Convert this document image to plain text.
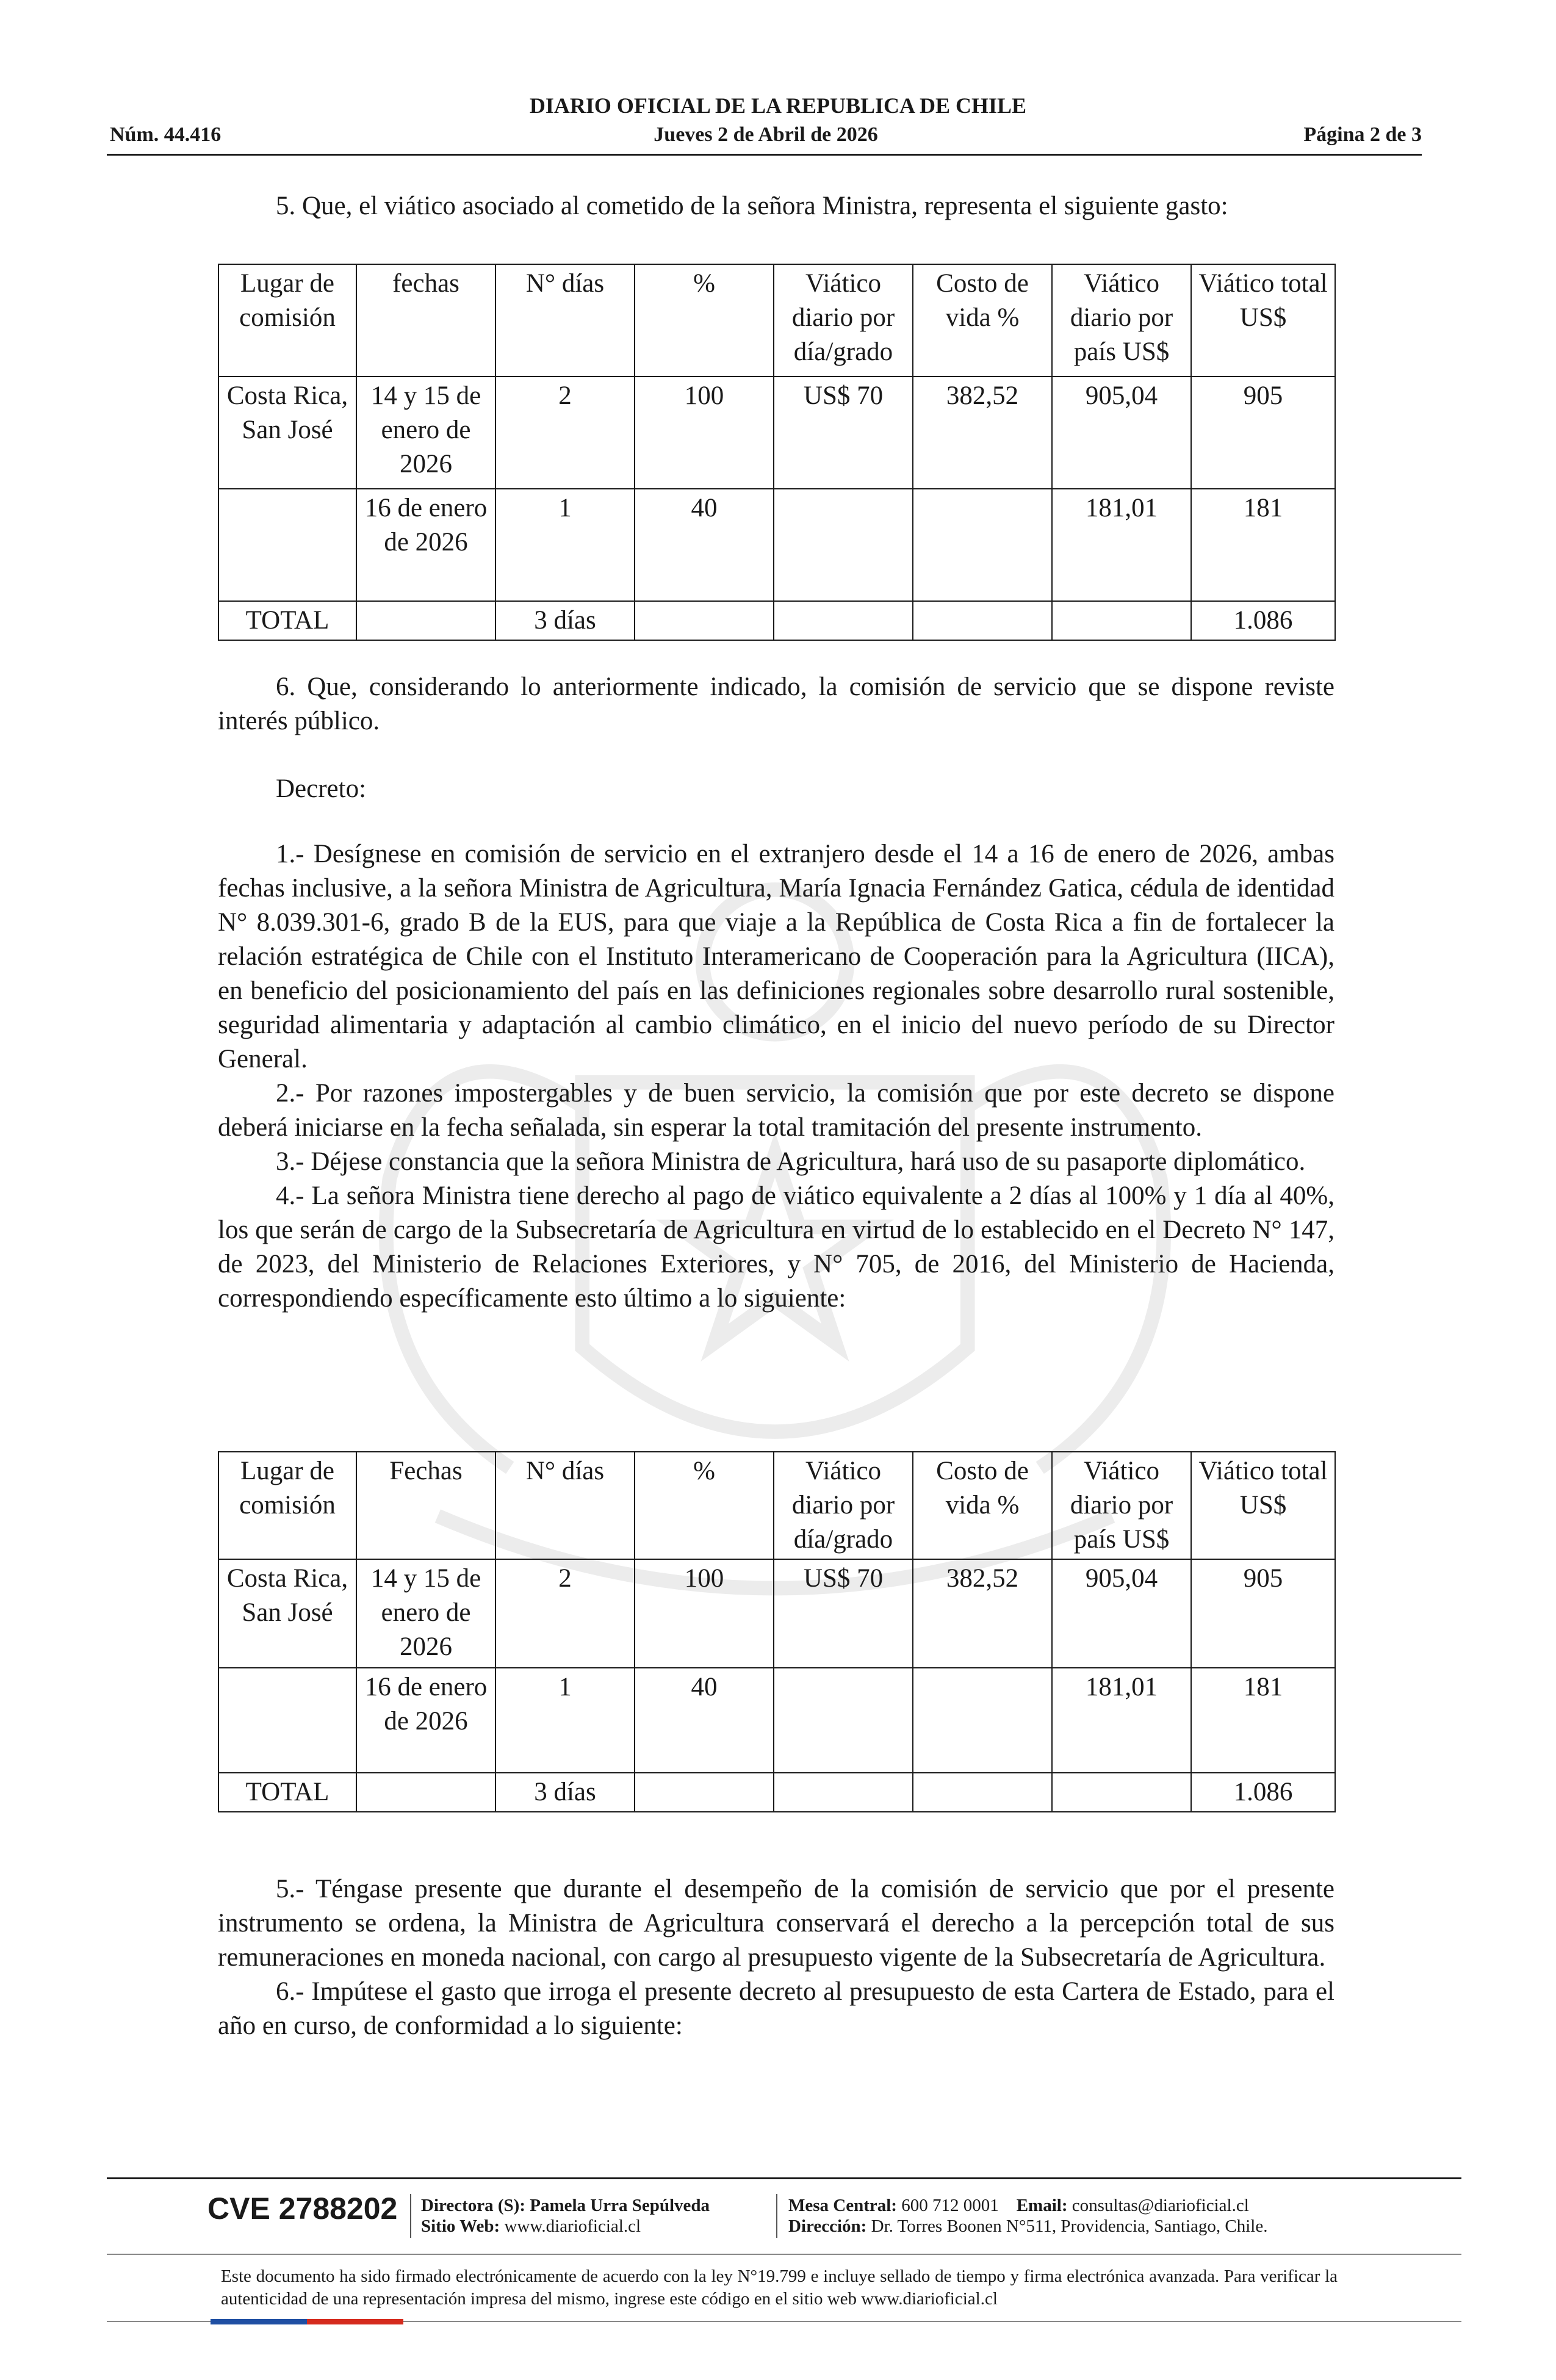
DIARIO OFICIAL DE LA REPUBLICA DE CHILE
Núm. 44.416	Jueves 2 de Abril de 2026	Página 2 de 3

5. Que, el viático asociado al cometido de la señora Ministra, representa el siguiente gasto:

Lugar de comisión	fechas	N° días	%	Viático diario por día/grado	Costo de vida %	Viático diario por país US$	Viático total US$
Costa Rica, San José	14 y 15 de enero de 2026	2	100	US$ 70	382,52	905,04	905
	16 de enero de 2026	1	40			181,01	181
TOTAL		3 días					1.086

6. Que, considerando lo anteriormente indicado, la comisión de servicio que se dispone reviste interés público.

Decreto:

1.- Desígnese en comisión de servicio en el extranjero desde el 14 a 16 de enero de 2026, ambas fechas inclusive, a la señora Ministra de Agricultura, María Ignacia Fernández Gatica, cédula de identidad N° 8.039.301-6, grado B de la EUS, para que viaje a la República de Costa Rica a fin de fortalecer la relación estratégica de Chile con el Instituto Interamericano de Cooperación para la Agricultura (IICA), en beneficio del posicionamiento del país en las definiciones regionales sobre desarrollo rural sostenible, seguridad alimentaria y adaptación al cambio climático, en el inicio del nuevo período de su Director General.

2.- Por razones impostergables y de buen servicio, la comisión que por este decreto se dispone deberá iniciarse en la fecha señalada, sin esperar la total tramitación del presente instrumento.

3.- Déjese constancia que la señora Ministra de Agricultura, hará uso de su pasaporte diplomático.

4.- La señora Ministra tiene derecho al pago de viático equivalente a 2 días al 100% y 1 día al 40%, los que serán de cargo de la Subsecretaría de Agricultura en virtud de lo establecido en el Decreto N° 147, de 2023, del Ministerio de Relaciones Exteriores, y N° 705, de 2016, del Ministerio de Hacienda, correspondiendo específicamente esto último a lo siguiente:

Lugar de comisión	Fechas	N° días	%	Viático diario por día/grado	Costo de vida %	Viático diario por país US$	Viático total US$
Costa Rica, San José	14 y 15 de enero de 2026	2	100	US$ 70	382,52	905,04	905
	16 de enero de 2026	1	40			181,01	181
TOTAL		3 días					1.086

5.- Téngase presente que durante el desempeño de la comisión de servicio que por el presente instrumento se ordena, la Ministra de Agricultura conservará el derecho a la percepción total de sus remuneraciones en moneda nacional, con cargo al presupuesto vigente de la Subsecretaría de Agricultura.

6.- Impútese el gasto que irroga el presente decreto al presupuesto de esta Cartera de Estado, para el año en curso, de conformidad a lo siguiente:

CVE 2788202 Directora (S): Pamela Urra Sepúlveda
Sitio Web: www.diarioficial.cl
Mesa Central: 600 712 0001 Email: consultas@diarioficial.cl
Dirección: Dr. Torres Boonen N°511, Providencia, Santiago, Chile.
Este documento ha sido firmado electrónicamente de acuerdo con la ley N°19.799 e incluye sellado de tiempo y firma electrónica avanzada. Para verificar la autenticidad de una representación impresa del mismo, ingrese este código en el sitio web www.diarioficial.cl
